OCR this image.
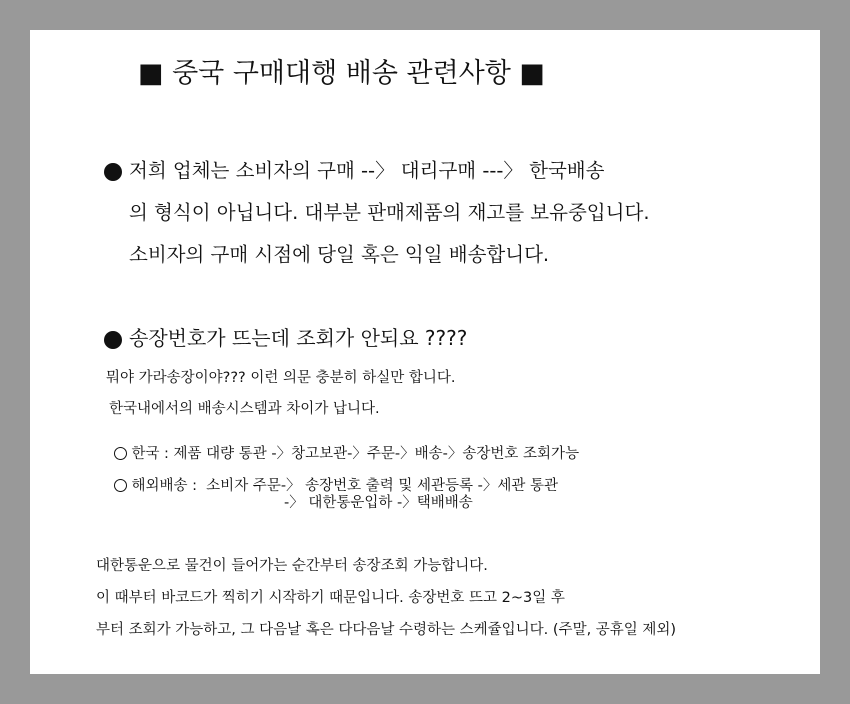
■ 중국 구매대행 배송 관련사항 ■
저희 업체는 소비자의 구매 --〉 대리구매 ---〉 한국배송
의 형식이 아닙니다. 대부분 판매제품의 재고를 보유중입니다.
소비자의 구매 시점에 당일 혹은 익일 배송합니다.
송장번호가 뜨는데 조회가 안되요 ????
뭐야 가라송장이야??? 이런 의문 충분히 하실만 합니다.
한국내에서의 배송시스템과 차이가 납니다.

한국 : 제품 대량 통관 -〉창고보관-〉주문-〉배송-〉송장번호 조회가능

해외배송 :  소비자 주문-〉 송장번호 출력 및 세관등록 -〉세관 통관

-〉 대한통운입하 -〉택배배송
대한통운으로 물건이 들어가는 순간부터 송장조회 가능합니다.
이 때부터 바코드가 찍히기 시작하기 때문입니다. 송장번호 뜨고 2~3일 후
부터 조회가 가능하고, 그 다음날 혹은 다다음날 수령하는 스케쥴입니다. (주말, 공휴일 제외)
